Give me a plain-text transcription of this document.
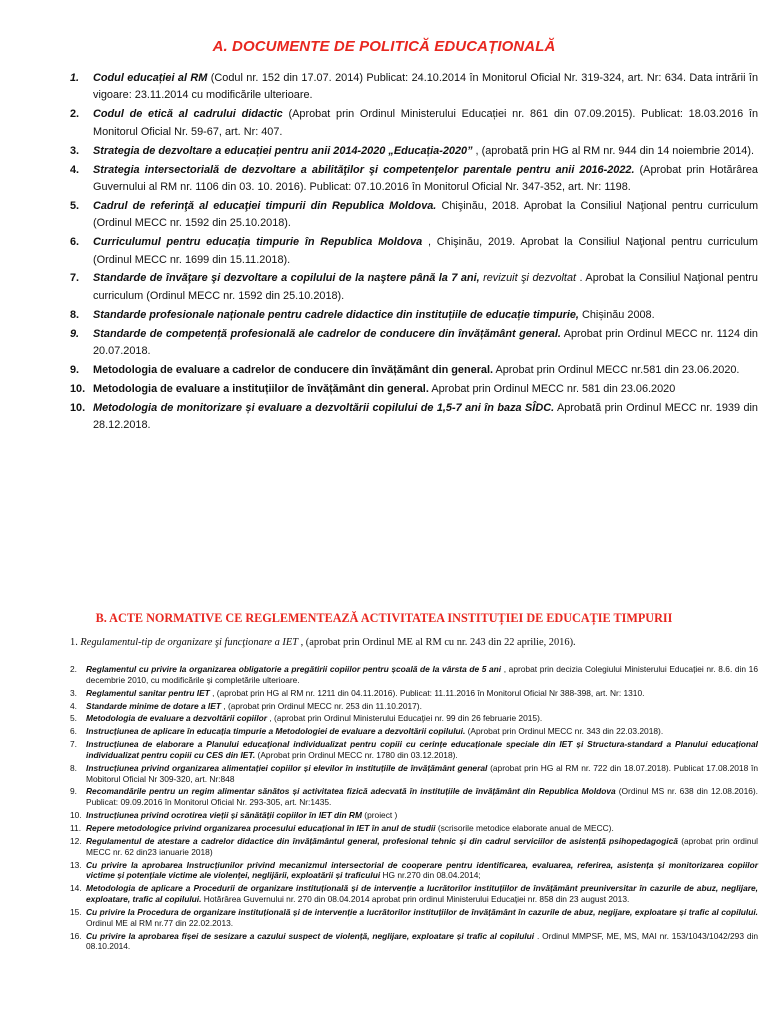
A. DOCUMENTE DE POLITICĂ EDUCAȚIONALĂ
1.	Codul educației al RM (Codul nr. 152 din 17.07. 2014) Publicat: 24.10.2014 în Monitorul Oficial Nr. 319-324, art. Nr: 634. Data intrării în vigoare: 23.11.2014 cu modificările ulterioare.
2.	Codul de etică al cadrului didactic (Aprobat prin Ordinul Ministerului Educației nr. 861 din 07.09.2015). Publicat: 18.03.2016 în Monitorul Oficial Nr. 59-67, art. Nr: 407.
3.	Strategia de dezvoltare a educației pentru anii 2014-2020 „Educația-2020” , (aprobată prin HG al RM nr. 944 din 14 noiembrie 2014).
4.	Strategia intersectorială de dezvoltare a abilităţilor şi competenţelor parentale pentru anii 2016-2022. (Aprobat prin Hotărârea Guvernului al RM nr. 1106 din 03. 10. 2016). Publicat: 07.10.2016 în Monitorul Oficial Nr. 347-352, art. Nr: 1198.
5.	Cadrul de referinţă al educaţiei timpurii din Republica Moldova. Chişinău, 2018. Aprobat la Consiliul Naţional pentru curriculum (Ordinul MECC nr. 1592 din 25.10.2018).
6.	Curriculumul pentru educația timpurie în Republica Moldova , Chişinău, 2019. Aprobat la Consiliul Naţional pentru curriculum (Ordinul MECC nr. 1699 din 15.11.2018).
7.	Standarde de învăţare şi dezvoltare a copilului de la naştere până la 7 ani, revizuit şi dezvoltat . Aprobat la Consiliul Naţional pentru curriculum (Ordinul MECC nr. 1592 din 25.10.2018).
8.	Standarde profesionale naționale pentru cadrele didactice din instituțiile de educație timpurie, Chișinău 2008.
9.	Standarde de competență profesională ale cadrelor de conducere din învățământ general. Aprobat prin Ordinul MECC nr. 1124 din 20.07.2018.
9.	Metodologia de evaluare a cadrelor de conducere din învățământ din general. Aprobat prin Ordinul MECC nr.581 din 23.06.2020.
10. Metodologia de evaluare a instituțiilor de învățământ din general. Aprobat prin Ordinul MECC nr. 581 din 23.06.2020
10. Metodologia de monitorizare și evaluare a dezvoltării copilului de 1,5-7 ani în baza SÎDC. Aprobată prin Ordinul MECC nr. 1939 din 28.12.2018.
B. ACTE NORMATIVE CE REGLEMENTEAZĂ ACTIVITATEA INSTITUȚIEI DE EDUCAȚIE TIMPURII
1. Regulamentul-tip de organizare şi funcţionare a IET , (aprobat prin Ordinul ME al RM cu nr. 243 din 22 aprilie, 2016).
2.	Reglamentul cu privire la organizarea obligatorie a pregătirii copiilor pentru școală de la vârsta de 5 ani , aprobat prin decizia Colegiului Ministerului Educației nr. 8.6. din 16 decembrie 2010, cu modificările şi completările ulterioare.
3.	Reglamentul sanitar pentru IET , (aprobat prin HG al RM nr. 1211 din 04.11.2016). Publicat: 11.11.2016 în Monitorul Oficial Nr 388-398, art. Nr: 1310.
4.	Standarde minime de dotare a IET , (aprobat prin Ordinul MECC nr. 253 din 11.10.2017).
5.	Metodologia de evaluare a dezvoltării copiilor , (aprobat prin Ordinul Ministerului Educaţiei nr. 99 din 26 februarie 2015).
6.	Instrucțiunea de aplicare în educația timpurie a Metodologiei de evaluare a dezvoltării copilului. (Aprobat prin Ordinul MECC nr. 343 din 22.03.2018).
7.	Instrucțiunea de elaborare a Planului educațional individualizat pentru copiii cu cerințe educaționale speciale din IET și Structura-standard a Planului educațional individualizat pentru copiii cu CES din IET. (Aprobat prin Ordinul MECC nr. 1780 din 03.12.2018).
8.	Instrucțiunea privind organizarea alimentației copiilor și elevilor în instituțiile de învățământ general (aprobat prin HG al RM nr. 722 din 18.07.2018). Publicat 17.08.2018 în Mobitorul Oficial Nr 309-320, art. Nr:848
9.	Recomandările pentru un regim alimentar sănătos și activitatea fizică adecvată în instituțiile de învățământ din Republica Moldova (Ordinul MS nr. 638 din 12.08.2016). Publicat: 09.09.2016 în Monitorul Oficial Nr. 293-305, art. Nr:1435.
10. Instrucțiunea privind ocrotirea vieții și sănătății copiilor în IET din RM (proiect )
11. Repere metodologice privind organizarea procesului educațional în IET în anul de studii (scrisorile metodice elaborate anual de MECC).
12. Regulamentul de atestare a cadrelor didactice din învățământul general, profesional tehnic și din cadrul serviciilor de asistență psihopedagogică (aprobat prin ordinul MECC nr. 62 din23 ianuarie 2018)
13. Cu privire la aprobarea Instrucțiunilor privind mecanizmul intersectorial de cooperare pentru identificarea, evaluarea, referirea, asistența și monitorizarea copiilor victime și potențiale victime ale violenței, neglijării, exploatării și traficului HG nr.270 din 08.04.2014;
14. Metodologia de aplicare a Procedurii de organizare instituțională și de intervenție a lucrătorilor instituțiilor de învățământ preuniversitar în cazurile de abuz, neglijare, exploatare, trafic al copilului. Hotărârea Guvernului nr. 270 din 08.04.2014 aprobat prin ordinul Ministerului Educației nr. 858 din 23 august 2013.
15. Cu privire la Procedura de organizare instituțională și de intervenție a lucrătorilor instituțiilor de învățământ în cazurile de abuz, negijare, exploatare și trafic al copilului. Ordinul ME al RM nr.77 din 22.02.2013.
16. Cu privire la aprobarea fișei de sesizare a cazului suspect de violență, neglijare, exploatare și trafic al copilului . Ordinul MMPSF, ME, MS, MAI nr. 153/1043/1042/293 din 08.10.2014.
